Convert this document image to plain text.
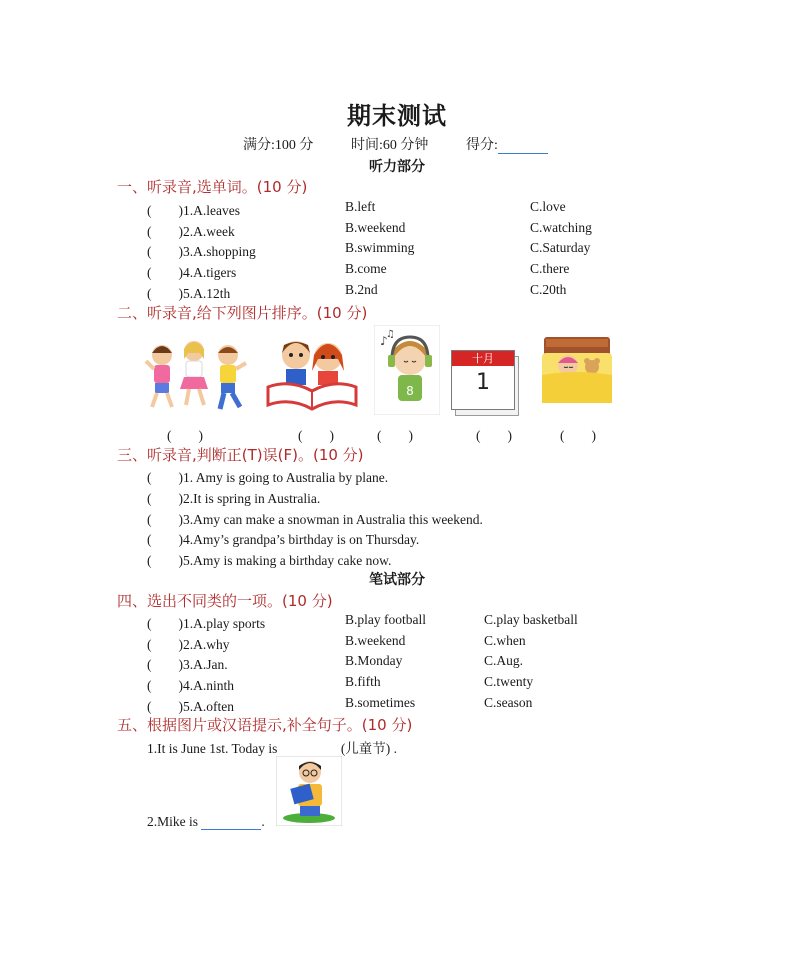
期末测试
满分:100 分	时间:60 分钟	得分:
听力部分
一、听录音,选单词。(10 分)
(　　)1.A.leaves	B.left	C.love
(　　)2.A.week	B.weekend	C.watching
(　　)3.A.shopping	B.swimming	C.Saturday
(　　)4.A.tigers	B.come	C.there
(　　)5.A.12th	B.2nd	C.20th
二、听录音,给下列图片排序。(10 分)
8
♪
♫
十月
1
(　　)	(　　)	(　　)	(　　)	(　　)
三、听录音,判断正(T)误(F)。(10 分)
(　　)1. Amy is going to Australia by plane.
(　　)2.It is spring in Australia.
(　　)3.Amy can make a snowman in Australia this weekend.
(　　)4.Amy’s grandpa’s birthday is on Thursday.
(　　)5.Amy is making a birthday cake now.
笔试部分
四、选出不同类的一项。(10 分)
(　　)1.A.play sports	B.play football	C.play basketball
(　　)2.A.why	B.weekend	C.when
(　　)3.A.Jan.	B.Monday	C.Aug.
(　　)4.A.ninth	B.fifth	C.twenty
(　　)5.A.often	B.sometimes	C.season
五、根据图片或汉语提示,补全句子。(10 分)
1.It is June 1st. Today is	(儿童节) .
2.Mike is	.
